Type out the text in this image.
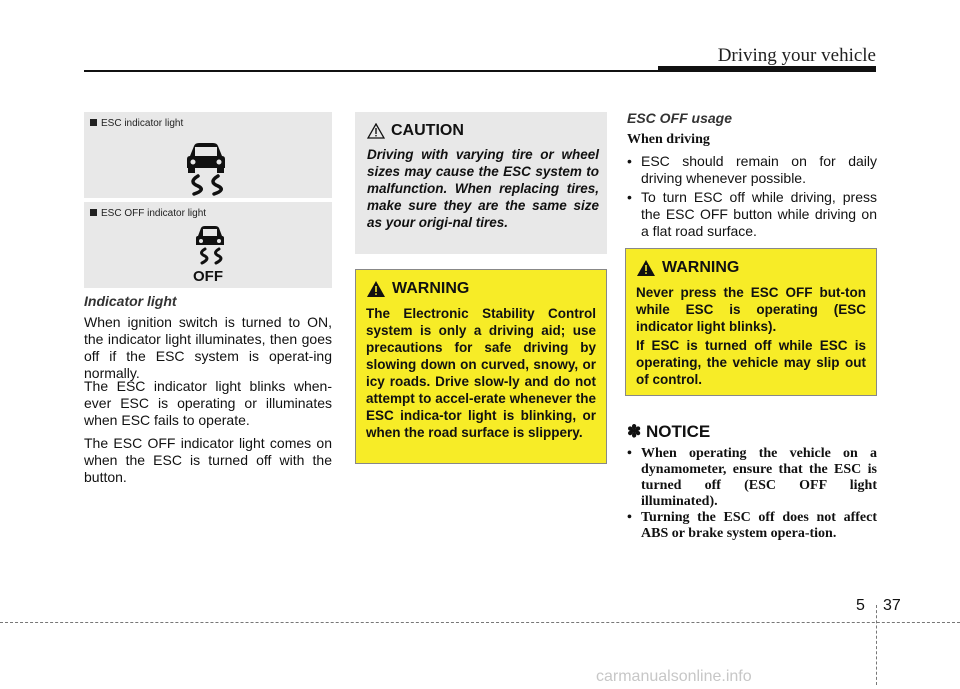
Driving your vehicle
ESC indicator light
ESC OFF indicator light
OFF
Indicator light
When ignition switch is turned to ON, the indicator light illuminates, then goes off if the ESC system is operat-ing normally.
The ESC indicator light blinks when-ever ESC is operating or illuminates when ESC fails to operate.
The ESC OFF indicator light comes on when the ESC is turned off with the button.
CAUTION
Driving with varying tire or wheel sizes may cause the ESC system to malfunction. When replacing tires, make sure they are the same size as your origi-nal tires.
WARNING
The Electronic Stability Control system is only a driving aid; use precautions for safe driving by slowing down on curved, snowy, or icy roads. Drive slow-ly and do not attempt to accel-erate whenever the ESC indica-tor light is blinking, or when the road surface is slippery.
ESC OFF usage
When driving
• ESC should remain on for daily driving whenever possible.
• To turn ESC off while driving, press the ESC OFF button while driving on a flat road surface.
WARNING
Never press the ESC OFF but-ton while ESC is operating (ESC indicator light blinks).
If ESC is turned off while ESC is operating, the vehicle may slip out of control.
✽ NOTICE
• When operating the vehicle on a dynamometer, ensure that the ESC is turned off (ESC OFF light illuminated).
• Turning the ESC off does not affect ABS or brake system opera-tion.
5 37
carmanualsonline.info
